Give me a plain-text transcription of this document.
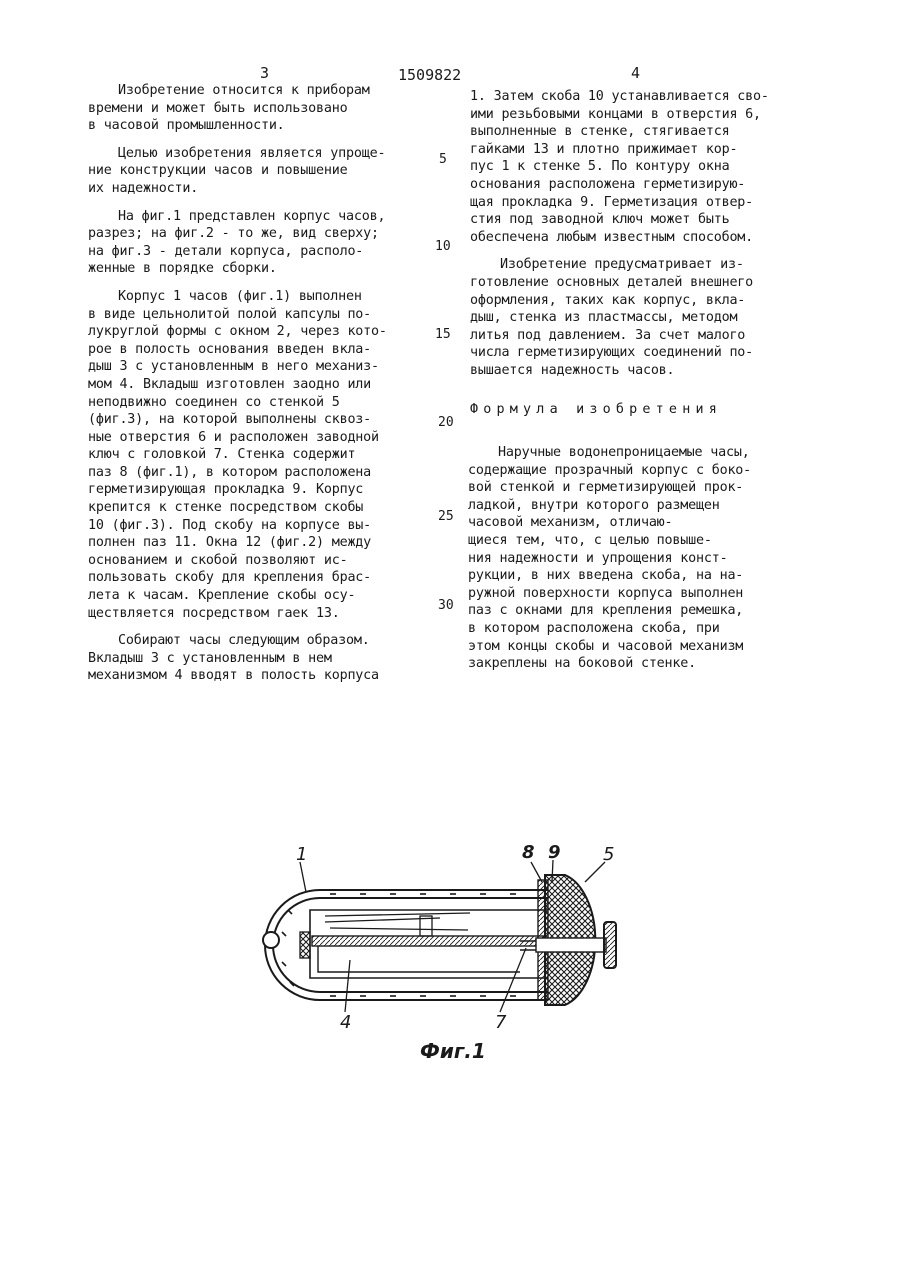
3	1509822	4
Изобретение относится к приборам
времени и может быть использовано
в часовой промышленности.
Целью изобретения является упроще-
ние конструкции часов и повышение
их надежности.
На фиг.1 представлен корпус часов,
разрез; на фиг.2 - то же, вид сверху;
на фиг.3 - детали корпуса, располо-
женные в порядке сборки.
Корпус 1 часов (фиг.1) выполнен
в виде цельнолитой полой капсулы по-
лукруглой формы с окном 2, через кото-
рое в полость основания введен вкла-
дыш 3 с установленным в него механиз-
мом 4. Вкладыш изготовлен заодно или
неподвижно соединен со стенкой 5
(фиг.3), на которой выполнены сквоз-
ные отверстия 6 и расположен заводной
ключ с головкой 7. Стенка содержит
паз 8 (фиг.1), в котором расположена
герметизирующая прокладка 9. Корпус
крепится к стенке посредством скобы
10 (фиг.3). Под скобу на корпусе вы-
полнен паз 11. Окна 12 (фиг.2) между
основанием и скобой позволяют ис-
пользовать скобу для крепления брас-
лета к часам. Крепление скобы осу-
ществляется посредством гаек 13.
Собирают часы следующим образом.
Вкладыш 3 с установленным в нем
механизмом 4 вводят в полость корпуса
1. Затем скоба 10 устанавливается сво-
ими резьбовыми концами в отверстия 6,
выполненные в стенке, стягивается
гайками 13 и плотно прижимает кор-
пус 1 к стенке 5. По контуру окна
основания расположена герметизирую-
щая прокладка 9. Герметизация отвер-
стия под заводной ключ может быть
обеспечена любым известным способом.
Изобретение предусматривает из-
готовление основных деталей внешнего
оформления, таких как корпус, вкла-
дыш, стенка из пластмассы, методом
литья под давлением. За счет малого
числа герметизирующих соединений по-
вышается надежность часов.
Формула изобретения
Наручные водонепроницаемые часы,
содержащие прозрачный корпус с боко-
вой стенкой и герметизирующей прок-
ладкой, внутри которого размещен
часовой механизм, отличаю-
щиеся тем, что, с целью повыше-
ния надежности и упрощения конст-
рукции, в них введена скоба, на на-
ружной поверхности корпуса выполнен
паз с окнами для крепления ремешка,
в котором расположена скоба, при
этом концы скобы и часовой механизм
закреплены на боковой стенке.
5
10
15
20
25
30
1	8 9 5
4	7
Фиг.1
